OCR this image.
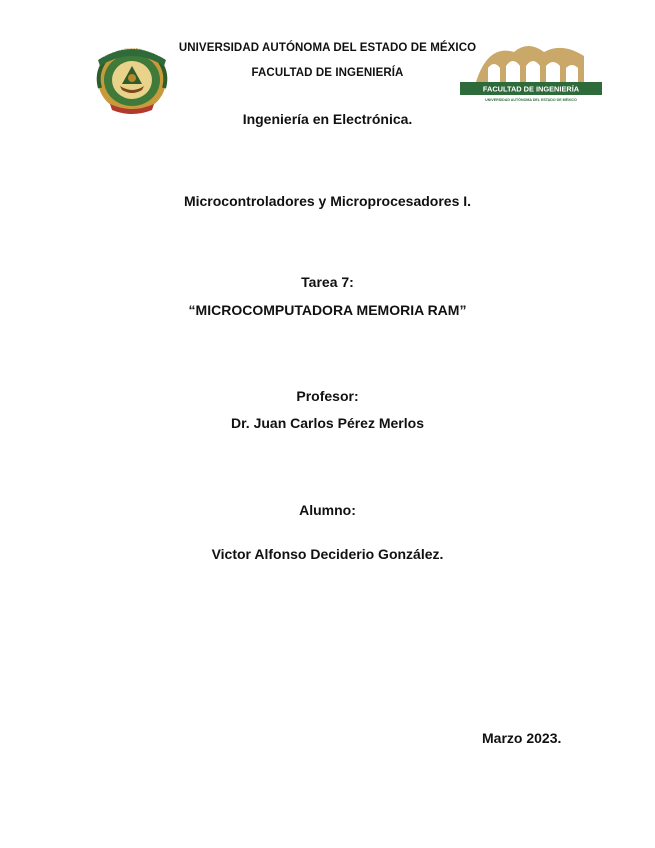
PATRIA CIENCIA Y TRABAJO
UNIVERSIDAD AUTÓNOMA DEL ESTADO DE MÉXICO
FACULTAD DE INGENIERÍA
FACULTAD DE INGENIERÍA
UNIVERSIDAD AUTÓNOMA DEL ESTADO DE MÉXICO
Ingeniería en Electrónica.
Microcontroladores y Microprocesadores I.
Tarea 7:
“MICROCOMPUTADORA MEMORIA RAM”
Profesor:
Dr. Juan Carlos Pérez Merlos
Alumno:
Victor Alfonso Deciderio González.
Marzo 2023.
